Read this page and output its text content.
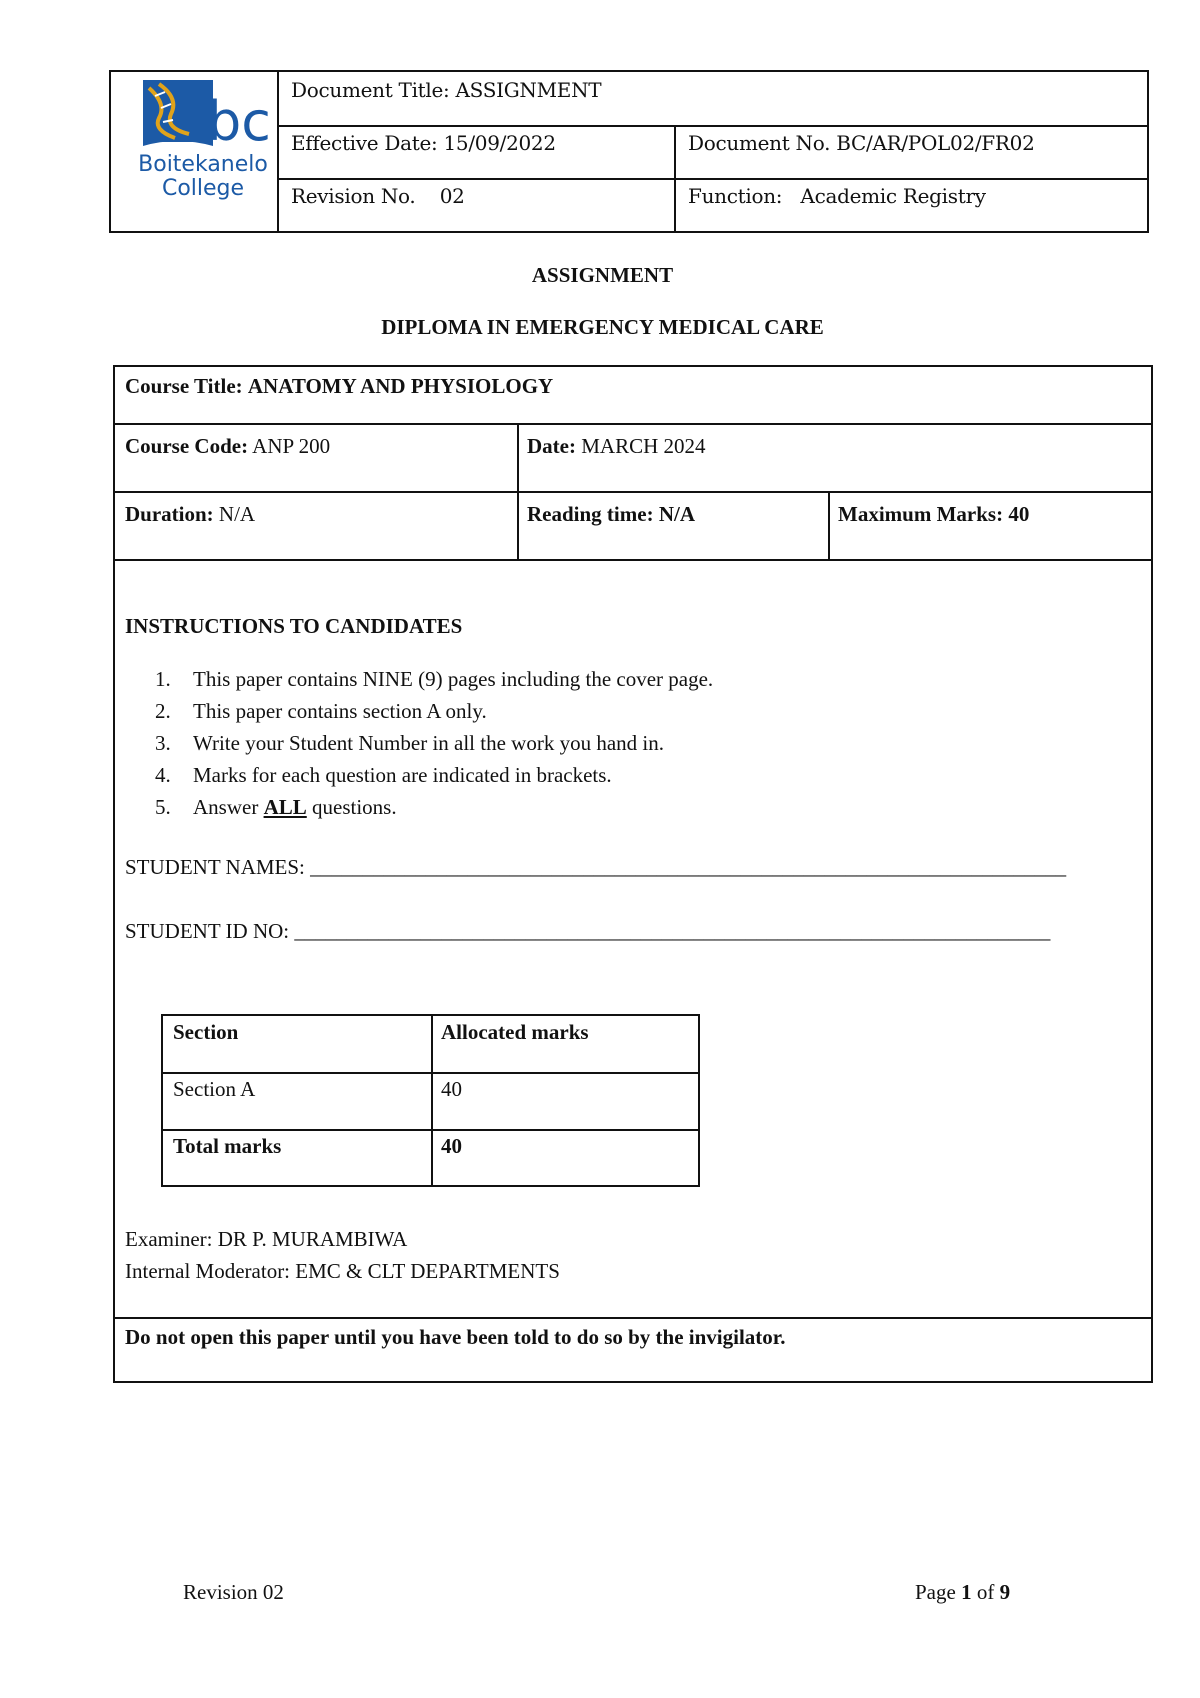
bc
Boitekanelo
College
Document Title: ASSIGNMENT
Effective Date: 15/09/2022	Document No. BC/AR/POL02/FR02
Revision No. 02	Function: Academic Registry
ASSIGNMENT
DIPLOMA IN EMERGENCY MEDICAL CARE
Course Title: ANATOMY AND PHYSIOLOGY
Course Code: ANP 200	Date: MARCH 2024
Duration: N/A	Reading time: N/A	Maximum Marks: 40
INSTRUCTIONS TO CANDIDATES
1. This paper contains NINE (9) pages including the cover page.
2. This paper contains section A only.
3. Write your Student Number in all the work you hand in.
4. Marks for each question are indicated in brackets.
5. Answer ALL questions.
STUDENT NAMES: ________________________________________________________________________
STUDENT ID NO: ________________________________________________________________________
Section	Allocated marks
Section A	40
Total marks	40
Examiner: DR P. MURAMBIWA
Internal Moderator: EMC & CLT DEPARTMENTS
Do not open this paper until you have been told to do so by the invigilator.
Revision 02	Page 1 of 9
